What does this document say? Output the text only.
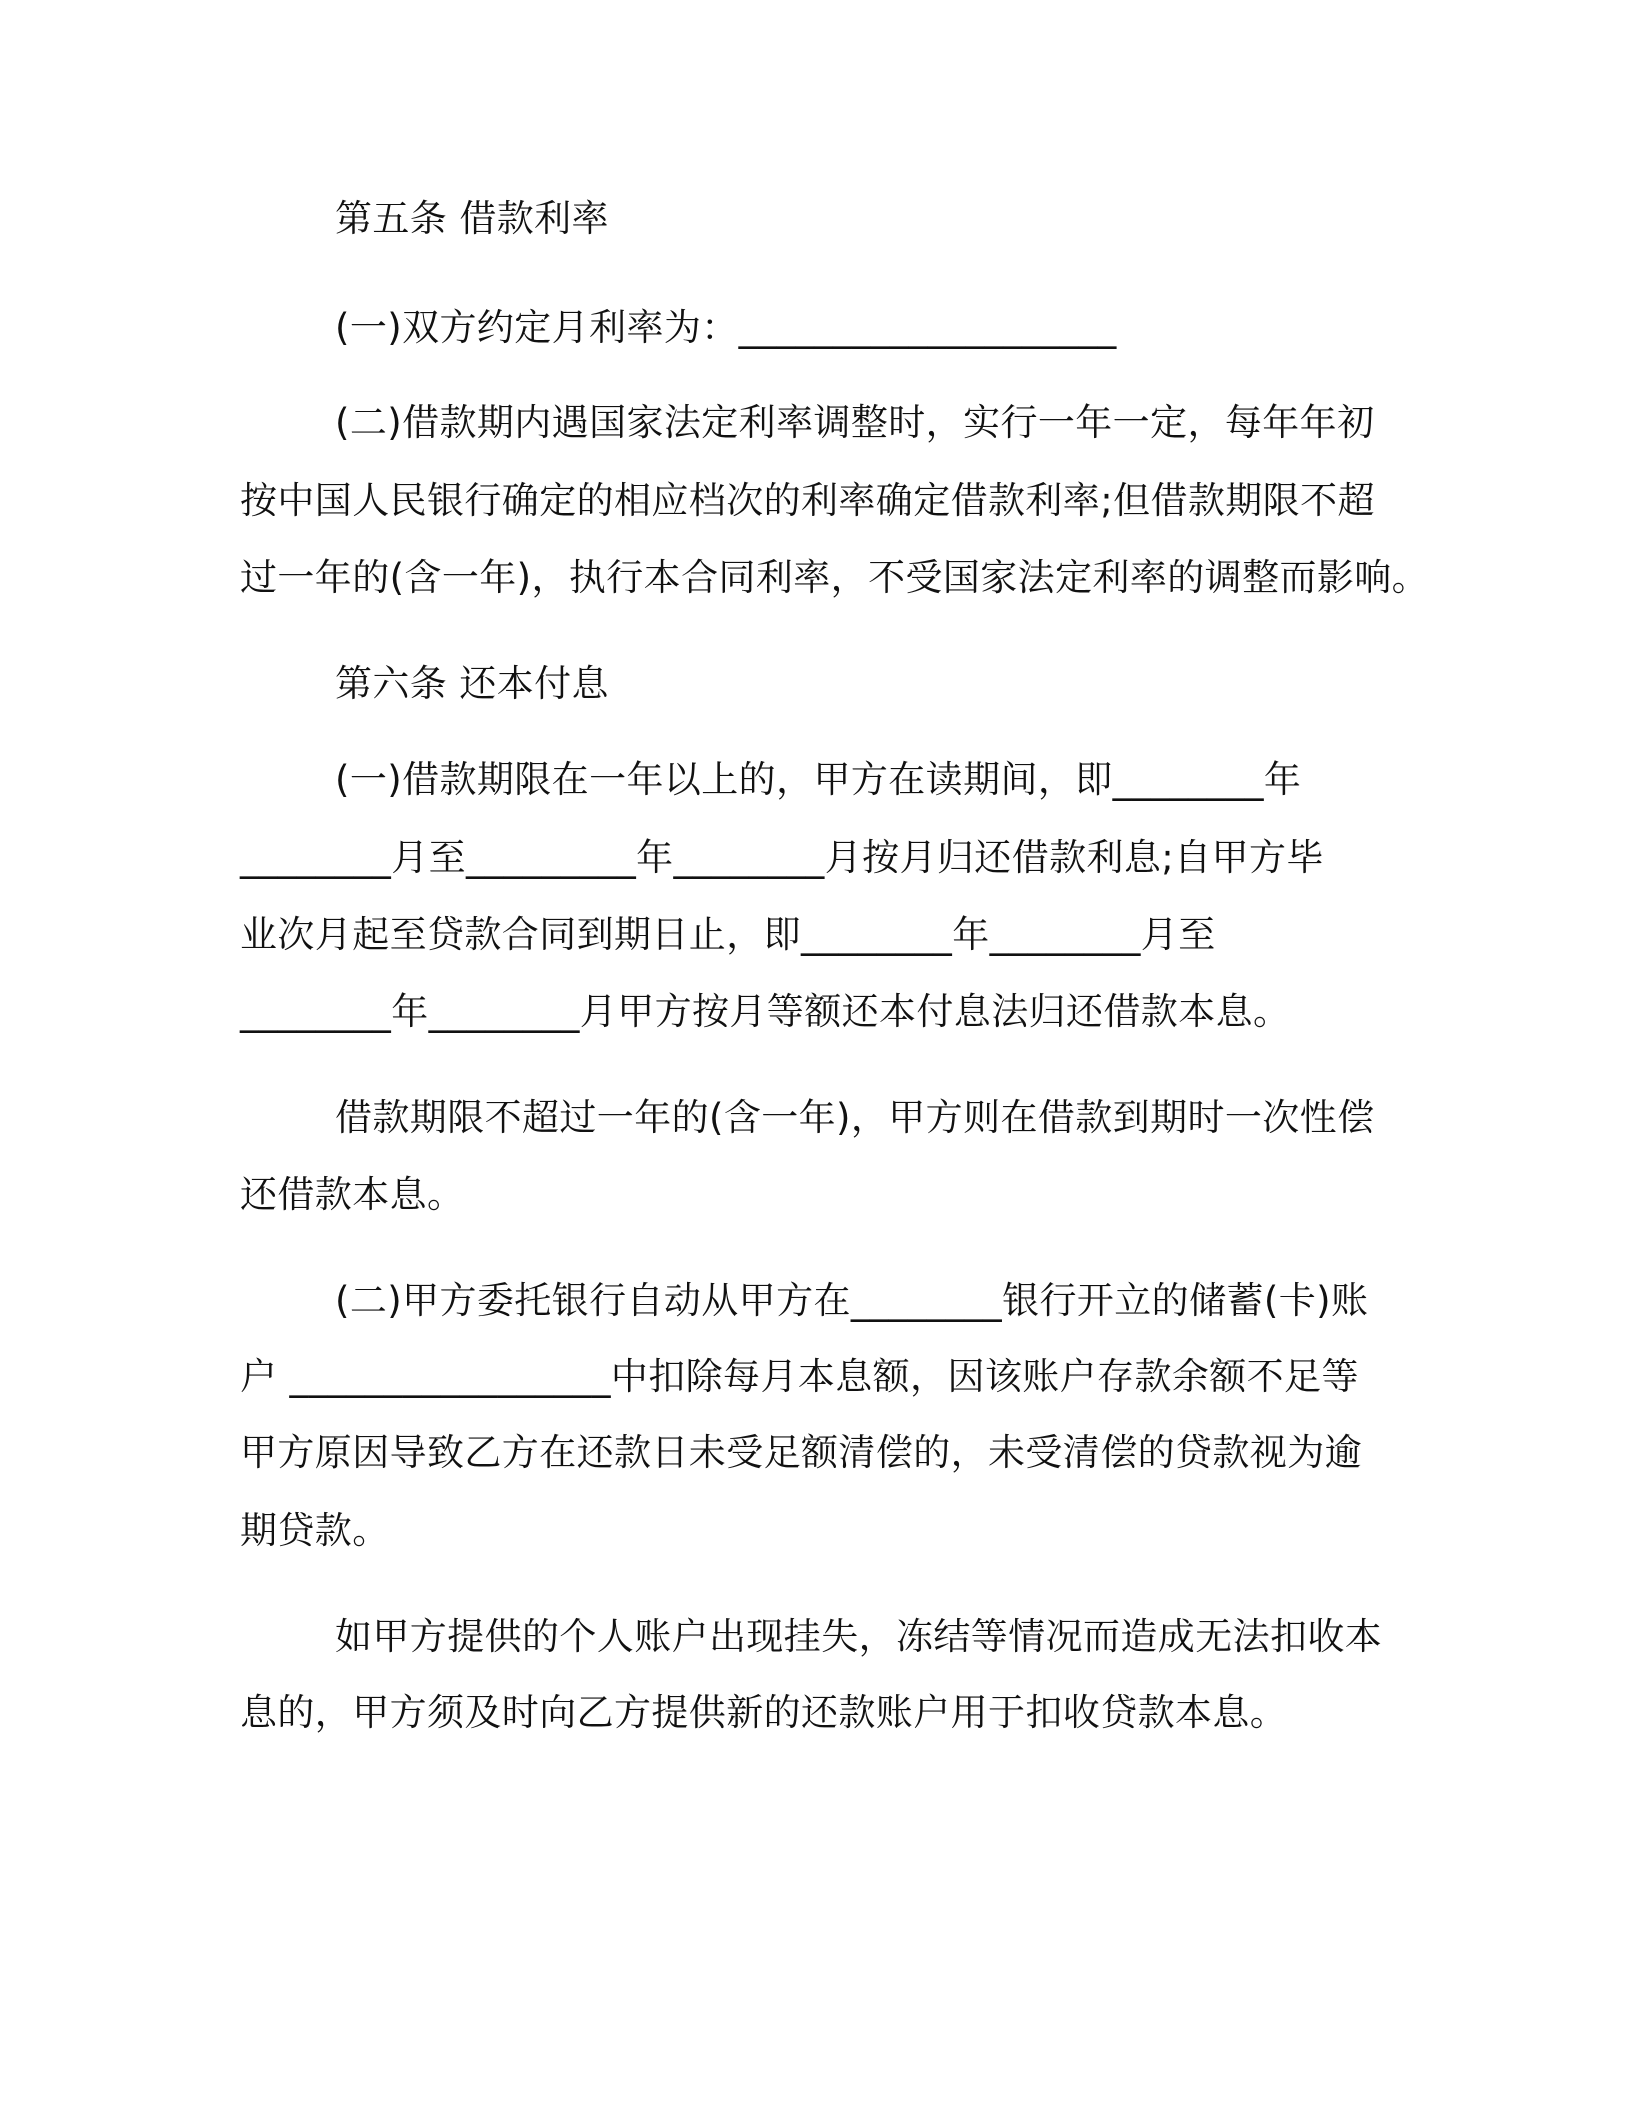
第五条 借款利率
(一)双方约定月利率为：____________________
(二)借款期内遇国家法定利率调整时，实行一年一定，每年年初
按中国人民银行确定的相应档次的利率确定借款利率;但借款期限不超
过一年的(含一年)，执行本合同利率，不受国家法定利率的调整而影响。
第六条 还本付息
(一)借款期限在一年以上的，甲方在读期间，即________年
________月至_________年________月按月归还借款利息;自甲方毕
业次月起至贷款合同到期日止，即________年________月至
________年________月甲方按月等额还本付息法归还借款本息。
借款期限不超过一年的(含一年)，甲方则在借款到期时一次性偿
还借款本息。
(二)甲方委托银行自动从甲方在________银行开立的储蓄(卡)账
户 _________________中扣除每月本息额，因该账户存款余额不足等
甲方原因导致乙方在还款日未受足额清偿的，未受清偿的贷款视为逾
期贷款。
如甲方提供的个人账户出现挂失，冻结等情况而造成无法扣收本
息的，甲方须及时向乙方提供新的还款账户用于扣收贷款本息。
